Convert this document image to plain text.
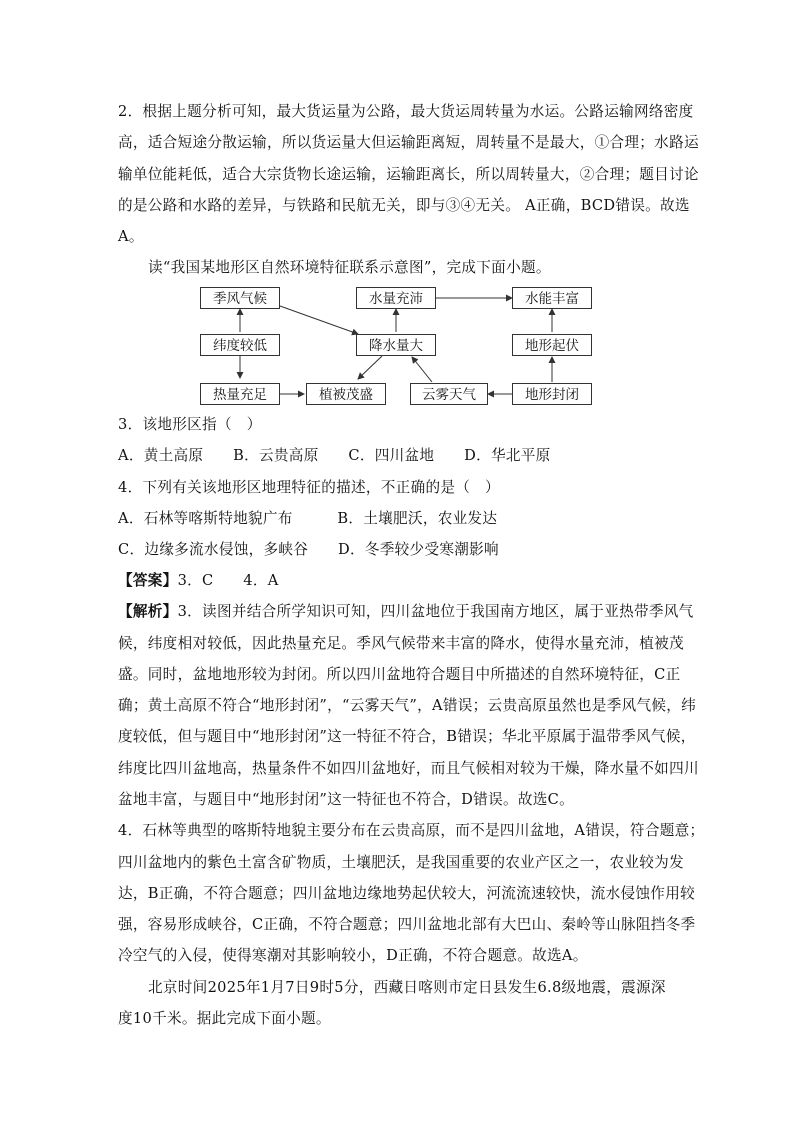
2．根据上题分析可知，最大货运量为公路，最大货运周转量为水运。公路运输网络密度
高，适合短途分散运输，所以货运量大但运输距离短，周转量不是最大，①合理；水路运
输单位能耗低，适合大宗货物长途运输，运输距离长，所以周转量大，②合理；题目讨论
的是公路和水路的差异，与铁路和民航无关，即与③④无关。 A正确，BCD错误。故选
A。
读“我国某地形区自然环境特征联系示意图”，完成下面小题。
季风气候	水量充沛	水能丰富
纬度较低	降水量大	地形起伏
热量充足	植被茂盛	云雾天气	地形封闭
3．该地形区指（　）
A．黄土高原　　B．云贵高原　　C．四川盆地　　D．华北平原
4．下列有关该地形区地理特征的描述，不正确的是（　）
A．石林等喀斯特地貌广布　　　B．土壤肥沃，农业发达
C．边缘多流水侵蚀，多峡谷　　D．冬季较少受寒潮影响
【答案】3．C　　4．A
【解析】3．读图并结合所学知识可知，四川盆地位于我国南方地区，属于亚热带季风气
候，纬度相对较低，因此热量充足。季风气候带来丰富的降水，使得水量充沛，植被茂
盛。同时，盆地地形较为封闭。所以四川盆地符合题目中所描述的自然环境特征，C正
确；黄土高原不符合“地形封闭”，“云雾天气”，A错误；云贵高原虽然也是季风气候，纬
度较低，但与题目中“地形封闭”这一特征不符合，B错误；华北平原属于温带季风气候，
纬度比四川盆地高，热量条件不如四川盆地好，而且气候相对较为干燥，降水量不如四川
盆地丰富，与题目中“地形封闭”这一特征也不符合，D错误。故选C。
4．石林等典型的喀斯特地貌主要分布在云贵高原，而不是四川盆地，A错误，符合题意；
四川盆地内的紫色土富含矿物质，土壤肥沃，是我国重要的农业产区之一，农业较为发
达，B正确，不符合题意；四川盆地边缘地势起伏较大，河流流速较快，流水侵蚀作用较
强，容易形成峡谷，C正确，不符合题意；四川盆地北部有大巴山、秦岭等山脉阻挡冬季
冷空气的入侵，使得寒潮对其影响较小，D正确，不符合题意。故选A。
北京时间2025年1月7日9时5分，西藏日喀则市定日县发生6.8级地震，震源深
度10千米。据此完成下面小题。
